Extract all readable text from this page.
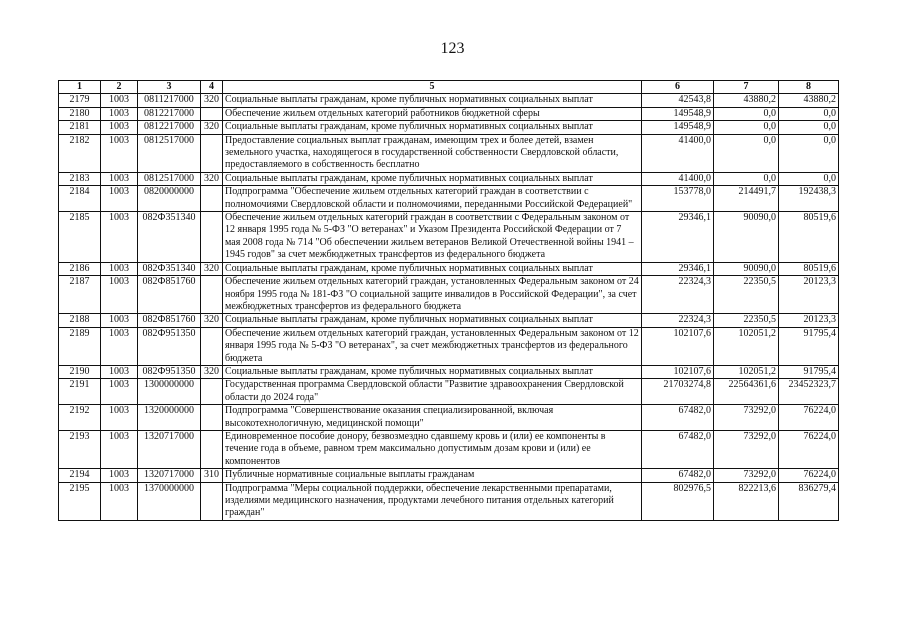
123
1	2	3	4	5	6	7	8
2179	1003	0811217000	320	Социальные выплаты гражданам, кроме публичных нормативных социальных выплат	42543,8	43880,2	43880,2
2180	1003	0812217000		Обеспечение жильем отдельных категорий работников бюджетной сферы	149548,9	0,0	0,0
2181	1003	0812217000	320	Социальные выплаты гражданам, кроме публичных нормативных социальных выплат	149548,9	0,0	0,0
2182	1003	0812517000		Предоставление социальных выплат гражданам, имеющим трех и более детей, взамен земельного участка, находящегося в государственной собственности Свердловской области, предоставляемого в собственность бесплатно	41400,0	0,0	0,0
2183	1003	0812517000	320	Социальные выплаты гражданам, кроме публичных нормативных социальных выплат	41400,0	0,0	0,0
2184	1003	0820000000		Подпрограмма "Обеспечение жильем отдельных категорий граждан в соответствии с полномочиями Свердловской области и полномочиями, переданными Российской Федерацией"	153778,0	214491,7	192438,3
2185	1003	082Ф351340		Обеспечение жильем отдельных категорий граждан в соответствии с Федеральным законом от 12 января 1995 года № 5-ФЗ "О ветеранах" и Указом Президента Российской Федерации от 7 мая 2008 года № 714 "Об обеспечении жильем ветеранов Великой Отечественной войны 1941 – 1945 годов" за счет межбюджетных трансфертов из федерального бюджета	29346,1	90090,0	80519,6
2186	1003	082Ф351340	320	Социальные выплаты гражданам, кроме публичных нормативных социальных выплат	29346,1	90090,0	80519,6
2187	1003	082Ф851760		Обеспечение жильем отдельных категорий граждан, установленных Федеральным законом от 24 ноября 1995 года № 181-ФЗ "О социальной защите инвалидов в Российской Федерации", за счет межбюджетных трансфертов из федерального бюджета	22324,3	22350,5	20123,3
2188	1003	082Ф851760	320	Социальные выплаты гражданам, кроме публичных нормативных социальных выплат	22324,3	22350,5	20123,3
2189	1003	082Ф951350		Обеспечение жильем отдельных категорий граждан, установленных Федеральным законом от 12 января 1995 года № 5-ФЗ "О ветеранах", за счет межбюджетных трансфертов из федерального бюджета	102107,6	102051,2	91795,4
2190	1003	082Ф951350	320	Социальные выплаты гражданам, кроме публичных нормативных социальных выплат	102107,6	102051,2	91795,4
2191	1003	1300000000		Государственная программа Свердловской области "Развитие здравоохранения Свердловской области до 2024 года"	21703274,8	22564361,6	23452323,7
2192	1003	1320000000		Подпрограмма "Совершенствование оказания специализированной, включая высокотехнологичную, медицинской помощи"	67482,0	73292,0	76224,0
2193	1003	1320717000		Единовременное пособие донору, безвозмездно сдавшему кровь и (или) ее компоненты в течение года в объеме, равном трем максимально допустимым дозам крови и (или) ее компонентов	67482,0	73292,0	76224,0
2194	1003	1320717000	310	Публичные нормативные социальные выплаты гражданам	67482,0	73292,0	76224,0
2195	1003	1370000000		Подпрограмма "Меры социальной поддержки, обеспечение лекарственными препаратами, изделиями медицинского назначения, продуктами лечебного питания отдельных категорий граждан"	802976,5	822213,6	836279,4
